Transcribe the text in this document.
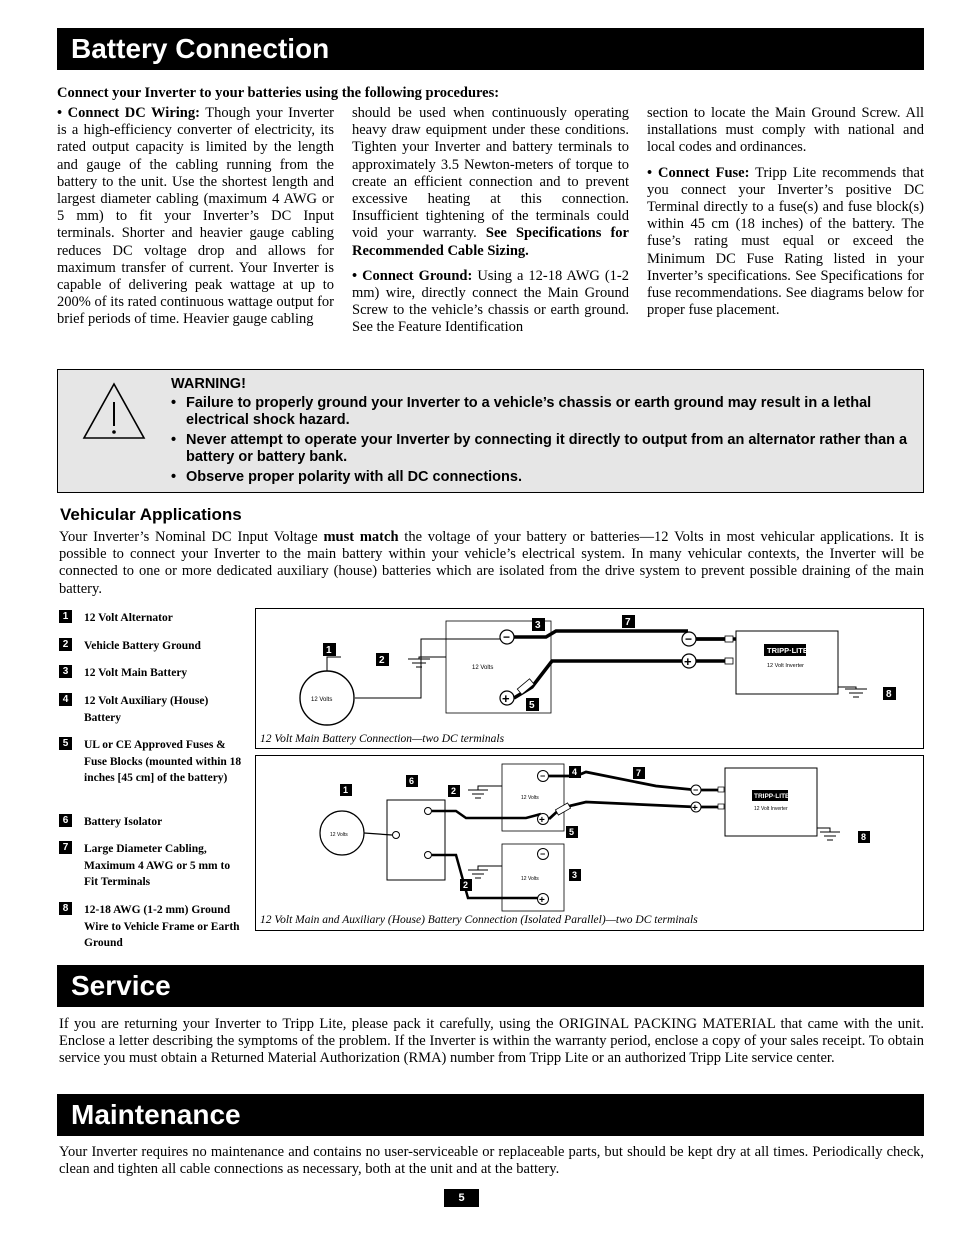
Battery Connection
Connect your Inverter to your batteries using the following procedures:

• Connect DC Wiring: Though your Inverter is a high-efficiency converter of electricity, its rated output capacity is limited by the length and gauge of the cabling running from the battery to the unit. Use the shortest length and largest diameter cabling (maximum 4 AWG or 5 mm) to fit your Inverter’s DC Input terminals. Shorter and heavier gauge cabling reduces DC voltage drop and allows for maximum transfer of current. Your Inverter is capable of delivering peak wattage at up to 200% of its rated continuous wattage output for brief periods of time. Heavier gauge cabling

should be used when continuously operating heavy draw equipment under these conditions. Tighten your Inverter and battery terminals to approximately 3.5 Newton-meters of torque to create an efficient connection and to prevent excessive heating at this connection. Insufficient tightening of the terminals could void your warranty. See Specifications for Recommended Cable Sizing.

• Connect Ground: Using a 12-18 AWG (1-2 mm) wire, directly connect the Main Ground Screw to the vehicle’s chassis or earth ground. See the Feature Identification

section to locate the Main Ground Screw. All installations must comply with national and local codes and ordinances.

• Connect Fuse: Tripp Lite recommends that you connect your Inverter’s positive DC Terminal directly to a fuse(s) and fuse block(s) within 45 cm (18 inches) of the battery. The fuse’s rating must equal or exceed the Minimum DC Fuse Rating listed in your Inverter’s specifications. See Specifications for fuse recommendations. See diagrams below for proper fuse placement.

WARNING!
• Failure to properly ground your Inverter to a vehicle’s chassis or earth ground may result in a lethal electrical shock hazard.
• Never attempt to operate your Inverter by connecting it directly to output from an alternator rather than a battery or battery bank.
• Observe proper polarity with all DC connections.
Vehicular Applications
Your Inverter’s Nominal DC Input Voltage must match the voltage of your battery or batteries—12 Volts in most vehicular applications. It is possible to connect your Inverter to the main battery within your vehicle’s electrical system. In many vehicular contexts, the Inverter will be connected to one or more dedicated auxiliary (house) batteries which are isolated from the drive system to prevent possible draining of the main battery.
1	12 Volt Alternator
2	Vehicle Battery Ground
3	12 Volt Main Battery
4	12 Volt Auxiliary (House) Battery
5	UL or CE Approved Fuses & Fuse Blocks (mounted within 18 inches [45 cm] of the battery)
6	Battery Isolator
7	Large Diameter Cabling, Maximum 4 AWG or 5 mm to Fit Terminals
8	12-18 AWG (1-2 mm) Ground Wire to Vehicle Frame or Earth Ground
12 Volts
12 Volts
−
+
−
+
TRIPP·LITE
12 Volt Inverter
1
2
3
5
7
8
12 Volt Main Battery Connection—two DC terminals
12 Volts
12 Volts
−
+
12 Volts
−
+
−
+
TRIPP·LITE
12 Volt Inverter
1
6
2
4	7
5
3
2
8
12 Volt Main and Auxiliary (House) Battery Connection (Isolated Parallel)—two DC terminals
Service
If you are returning your Inverter to Tripp Lite, please pack it carefully, using the ORIGINAL PACKING MATERIAL that came with the unit. Enclose a letter describing the symptoms of the problem. If the Inverter is within the warranty period, enclose a copy of your sales receipt. To obtain service you must obtain a Returned Material Authorization (RMA) number from Tripp Lite or an authorized Tripp Lite service center.
Maintenance
Your Inverter requires no maintenance and contains no user-serviceable or replaceable parts, but should be kept dry at all times. Periodically check, clean and tighten all cable connections as necessary, both at the unit and at the battery.
5
